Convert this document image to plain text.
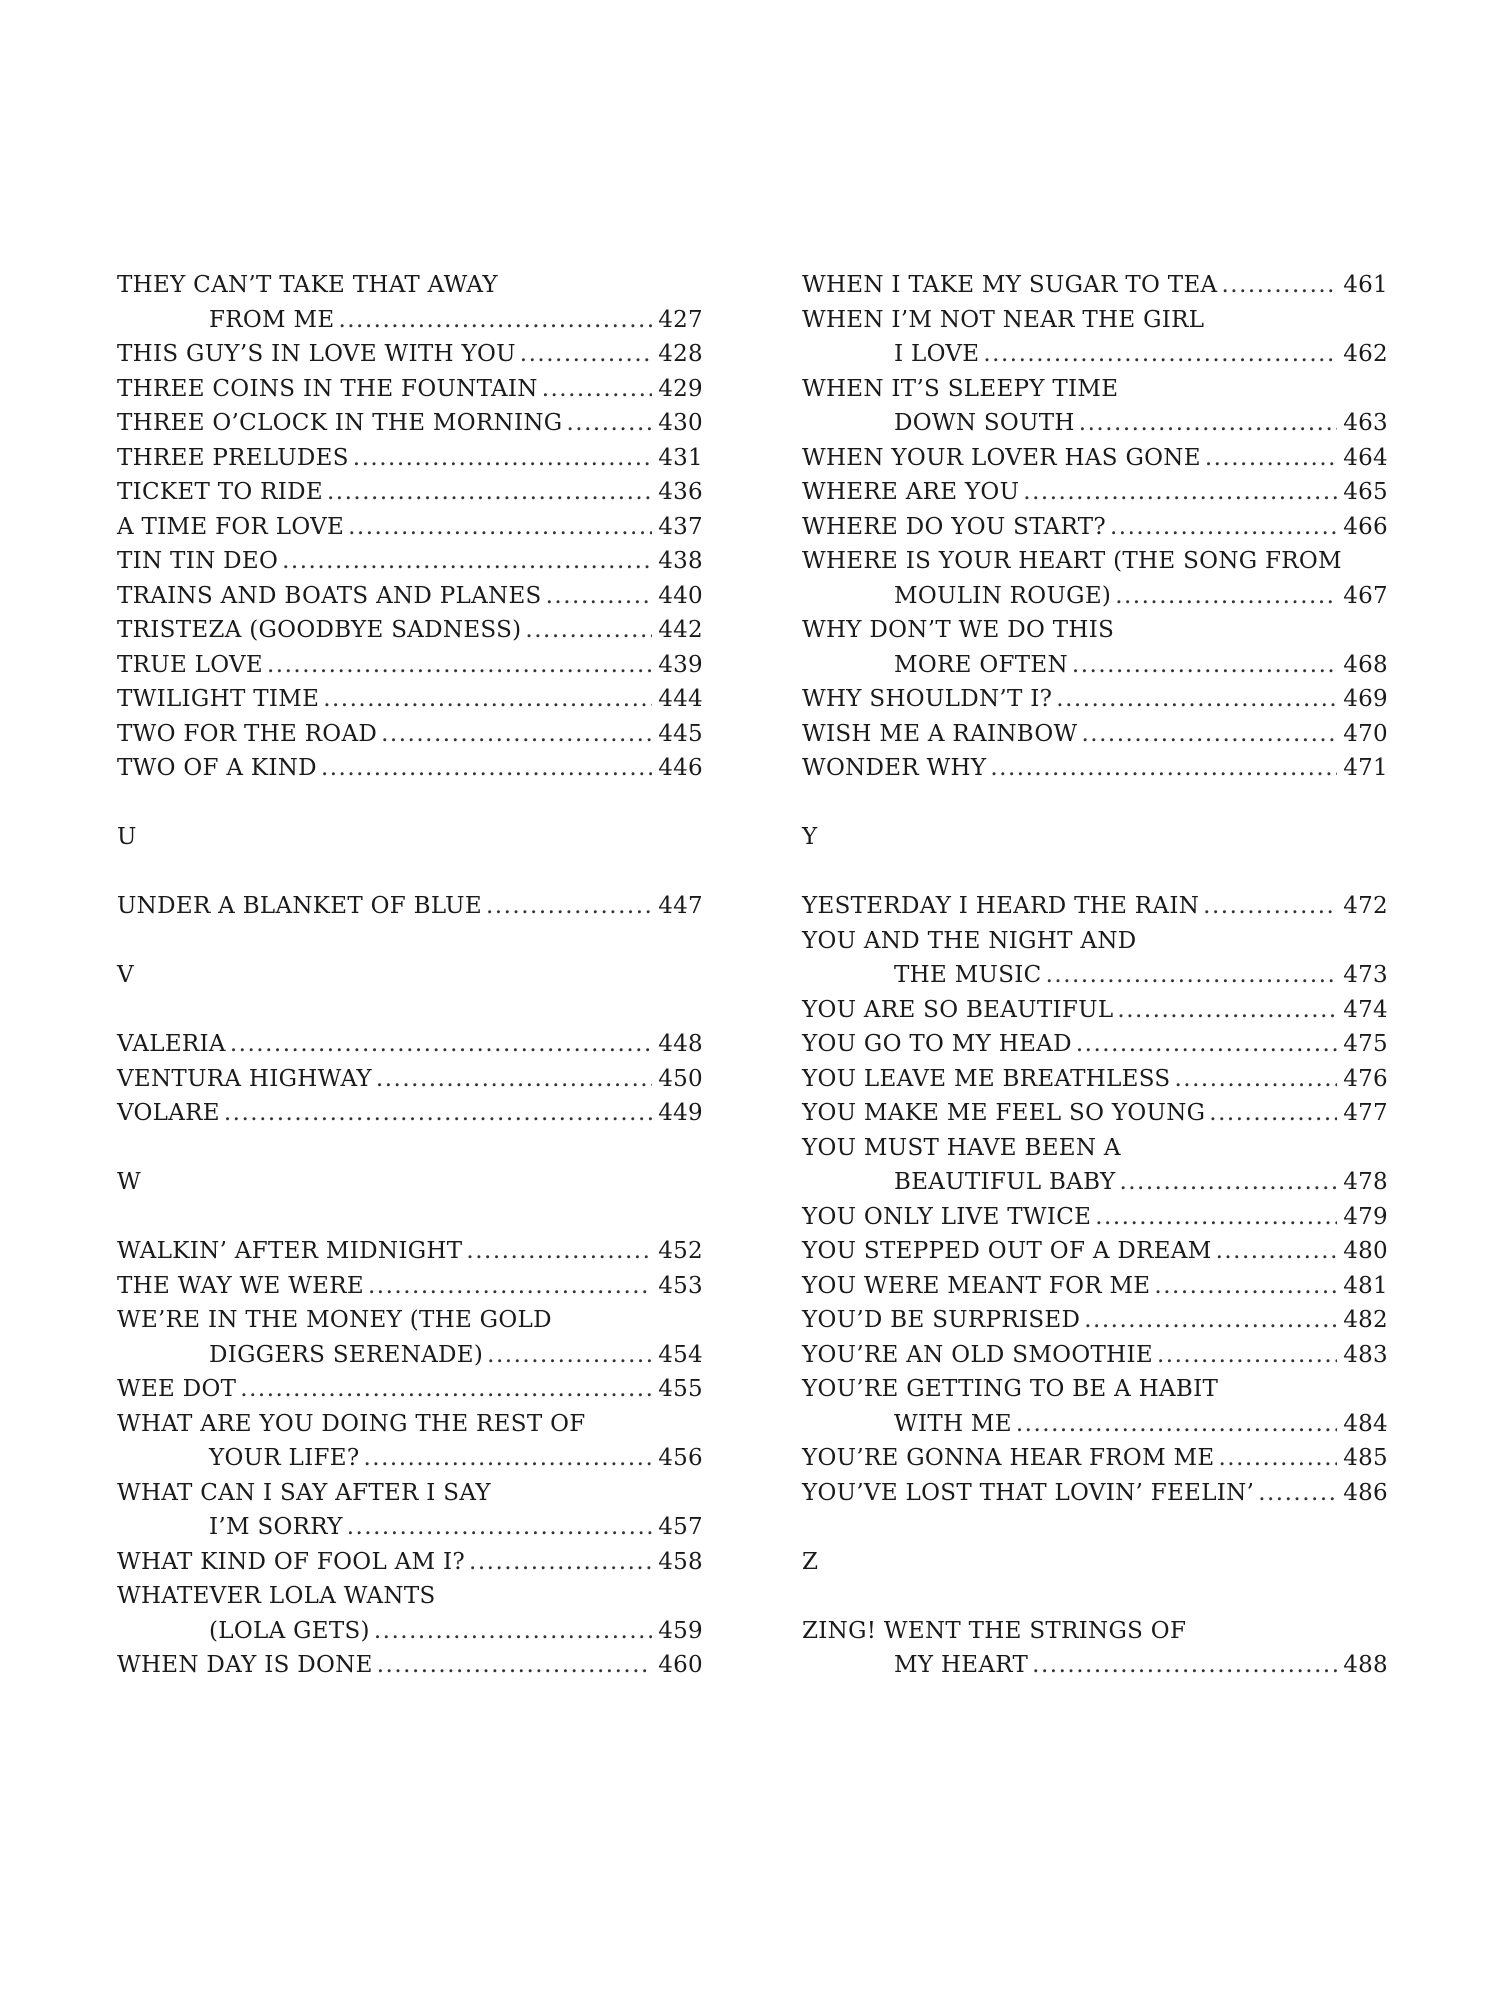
THEY CAN’T TAKE THAT AWAY
FROM ME .....	427
THIS GUY’S IN LOVE WITH YOU .....	428
THREE COINS IN THE FOUNTAIN .....	429
THREE O’CLOCK IN THE MORNING .....	430
THREE PRELUDES .....	431
TICKET TO RIDE .....	436
A TIME FOR LOVE .....	437
TIN TIN DEO .....	438
TRAINS AND BOATS AND PLANES .....	440
TRISTEZA (GOODBYE SADNESS) .....	442
TRUE LOVE .....	439
TWILIGHT TIME .....	444
TWO FOR THE ROAD .....	445
TWO OF A KIND .....	446
U
UNDER A BLANKET OF BLUE .....	447
V
VALERIA .....	448
VENTURA HIGHWAY .....	450
VOLARE .....	449
W
WALKIN’ AFTER MIDNIGHT .....	452
THE WAY WE WERE .....	453
WE’RE IN THE MONEY (THE GOLD
DIGGERS SERENADE) .....	454
WEE DOT .....	455
WHAT ARE YOU DOING THE REST OF
YOUR LIFE? .....	456
WHAT CAN I SAY AFTER I SAY
I’M SORRY .....	457
WHAT KIND OF FOOL AM I? .....	458
WHATEVER LOLA WANTS
(LOLA GETS) .....	459
WHEN DAY IS DONE .....	460
WHEN I TAKE MY SUGAR TO TEA .....	461
WHEN I’M NOT NEAR THE GIRL
I LOVE .....	462
WHEN IT’S SLEEPY TIME
DOWN SOUTH .....	463
WHEN YOUR LOVER HAS GONE .....	464
WHERE ARE YOU .....	465
WHERE DO YOU START? .....	466
WHERE IS YOUR HEART (THE SONG FROM
MOULIN ROUGE) .....	467
WHY DON’T WE DO THIS
MORE OFTEN .....	468
WHY SHOULDN’T I? .....	469
WISH ME A RAINBOW .....	470
WONDER WHY .....	471
Y
YESTERDAY I HEARD THE RAIN .....	472
YOU AND THE NIGHT AND
THE MUSIC .....	473
YOU ARE SO BEAUTIFUL .....	474
YOU GO TO MY HEAD .....	475
YOU LEAVE ME BREATHLESS .....	476
YOU MAKE ME FEEL SO YOUNG .....	477
YOU MUST HAVE BEEN A
BEAUTIFUL BABY .....	478
YOU ONLY LIVE TWICE .....	479
YOU STEPPED OUT OF A DREAM .....	480
YOU WERE MEANT FOR ME .....	481
YOU’D BE SURPRISED .....	482
YOU’RE AN OLD SMOOTHIE .....	483
YOU’RE GETTING TO BE A HABIT
WITH ME .....	484
YOU’RE GONNA HEAR FROM ME .....	485
YOU’VE LOST THAT LOVIN’ FEELIN’ .....	486
Z
ZING! WENT THE STRINGS OF
MY HEART .....	488
